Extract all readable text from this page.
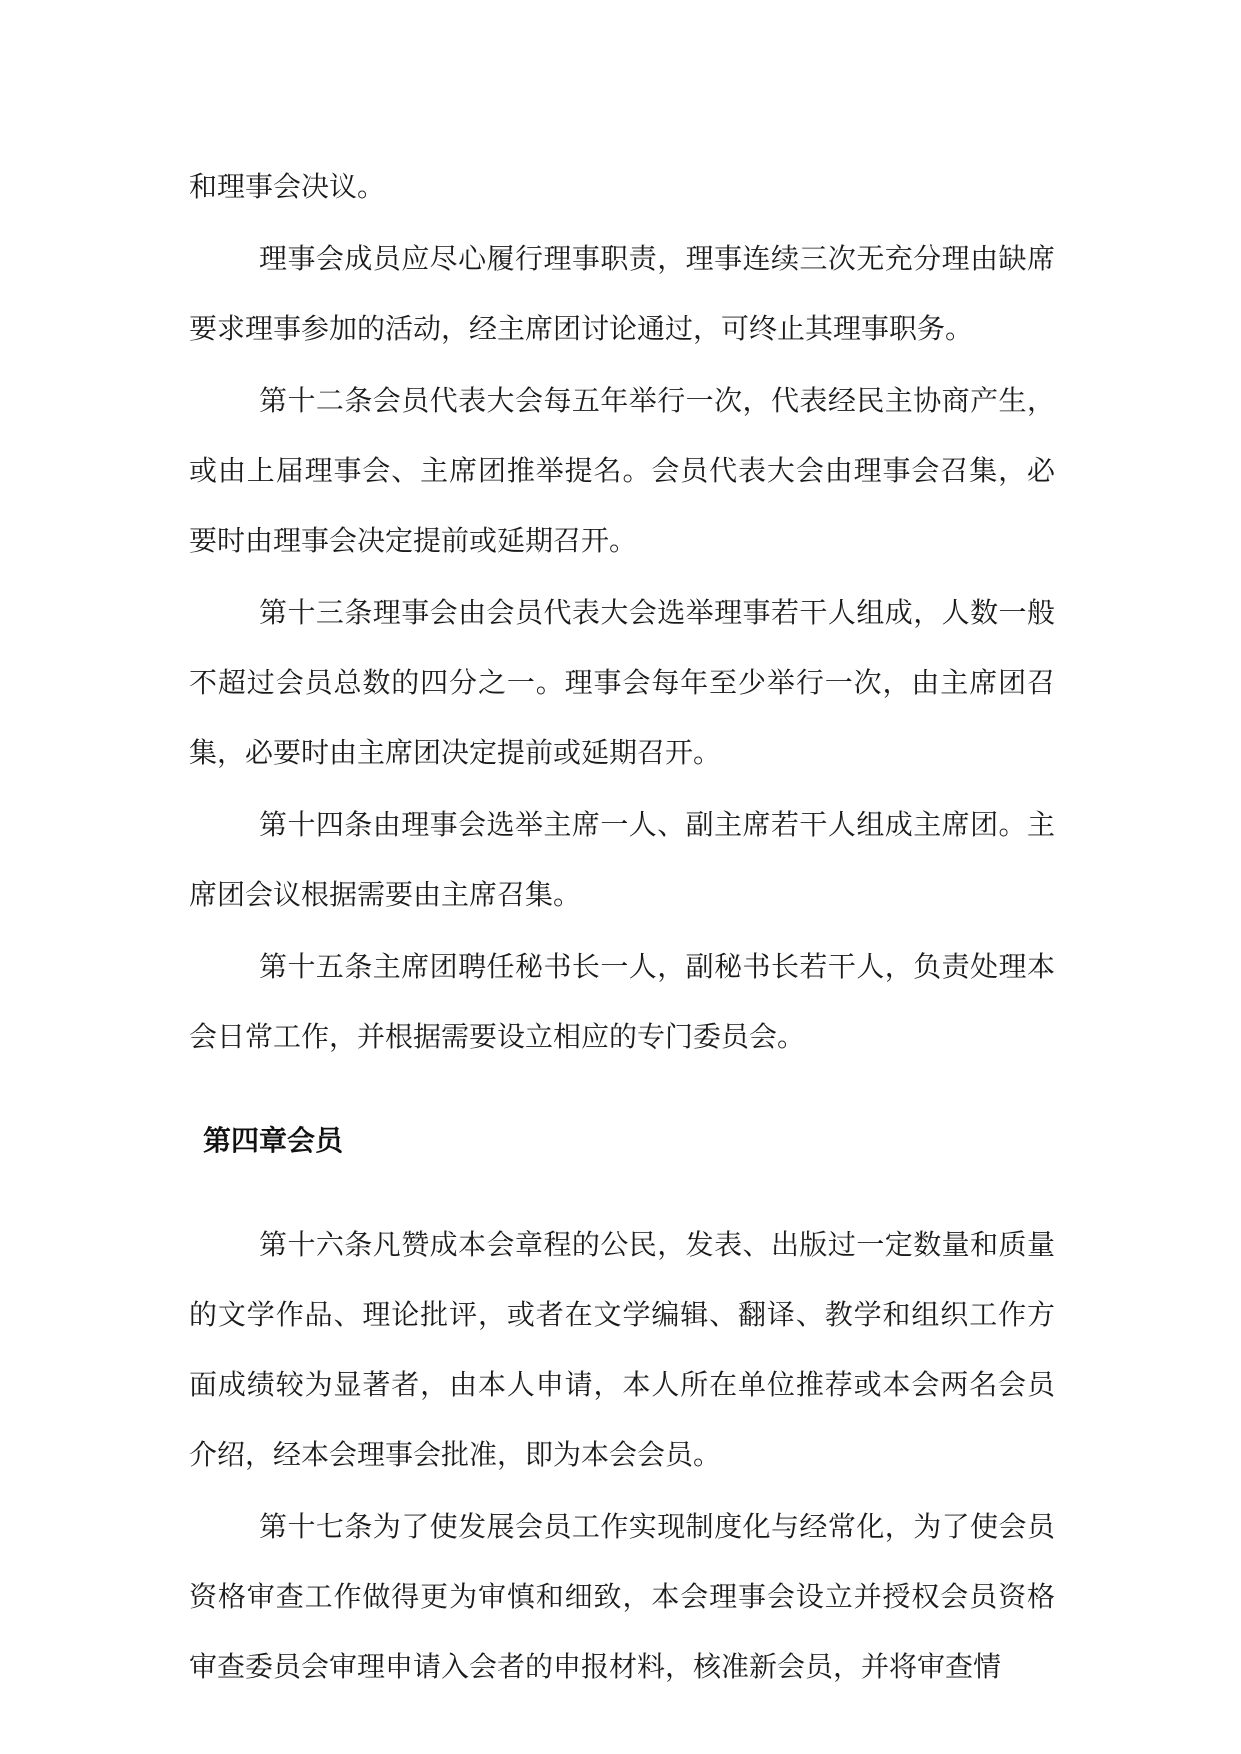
和理事会决议。

理事会成员应尽心履行理事职责，理事连续三次无充分理由缺席要求理事参加的活动，经主席团讨论通过，可终止其理事职务。

第十二条会员代表大会每五年举行一次，代表经民主协商产生，或由上届理事会、主席团推举提名。会员代表大会由理事会召集，必要时由理事会决定提前或延期召开。

第十三条理事会由会员代表大会选举理事若干人组成，人数一般不超过会员总数的四分之一。理事会每年至少举行一次，由主席团召集，必要时由主席团决定提前或延期召开。

第十四条由理事会选举主席一人、副主席若干人组成主席团。主席团会议根据需要由主席召集。

第十五条主席团聘任秘书长一人，副秘书长若干人，负责处理本会日常工作，并根据需要设立相应的专门委员会。

第四章会员

第十六条凡赞成本会章程的公民，发表、出版过一定数量和质量的文学作品、理论批评，或者在文学编辑、翻译、教学和组织工作方面成绩较为显著者，由本人申请，本人所在单位推荐或本会两名会员介绍，经本会理事会批准，即为本会会员。

第十七条为了使发展会员工作实现制度化与经常化，为了使会员资格审查工作做得更为审慎和细致，本会理事会设立并授权会员资格审查委员会审理申请入会者的申报材料，核准新会员，并将审查情
